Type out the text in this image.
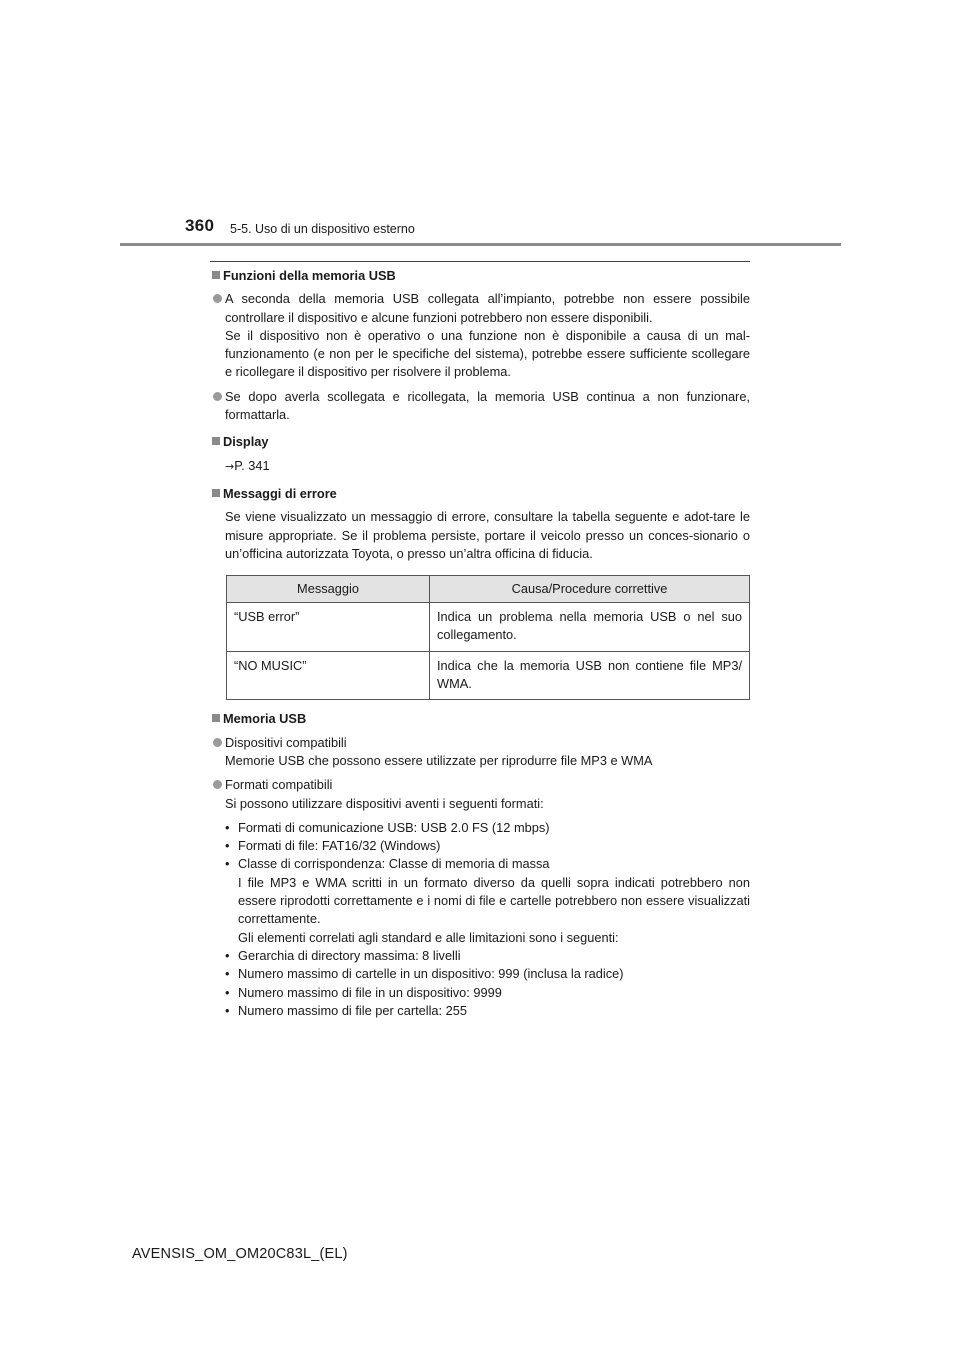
360 5-5. Uso di un dispositivo esterno
Funzioni della memoria USB

A seconda della memoria USB collegata all’impianto, potrebbe non essere possibile controllare il dispositivo e alcune funzioni potrebbero non essere disponibili.

Se il dispositivo non è operativo o una funzione non è disponibile a causa di un mal-funzionamento (e non per le specifiche del sistema), potrebbe essere sufficiente scollegare e ricollegare il dispositivo per risolvere il problema.

Se dopo averla scollegata e ricollegata, la memoria USB continua a non funzionare, formattarla.

Display

→P. 341

Messaggi di errore

Se viene visualizzato un messaggio di errore, consultare la tabella seguente e adot-tare le misure appropriate. Se il problema persiste, portare il veicolo presso un conces-sionario o un’officina autorizzata Toyota, o presso un’altra officina di fiducia.

Messaggio	Causa/Procedure correttive
“USB error”	Indica un problema nella memoria USB o nel suo collegamento.
“NO MUSIC”	Indica che la memoria USB non contiene file MP3/ WMA.
Memoria USB

Dispositivi compatibili

Memorie USB che possono essere utilizzate per riprodurre file MP3 e WMA

Formati compatibili

Si possono utilizzare dispositivi aventi i seguenti formati:

• Formati di comunicazione USB: USB 2.0 FS (12 mbps)
• Formati di file: FAT16/32 (Windows)
• Classe di corrispondenza: Classe di memoria di massa
I file MP3 e WMA scritti in un formato diverso da quelli sopra indicati potrebbero non essere riprodotti correttamente e i nomi di file e cartelle potrebbero non essere visualizzati correttamente.
Gli elementi correlati agli standard e alle limitazioni sono i seguenti:
• Gerarchia di directory massima: 8 livelli
• Numero massimo di cartelle in un dispositivo: 999 (inclusa la radice)
• Numero massimo di file in un dispositivo: 9999
• Numero massimo di file per cartella: 255
AVENSIS_OM_OM20C83L_(EL)
